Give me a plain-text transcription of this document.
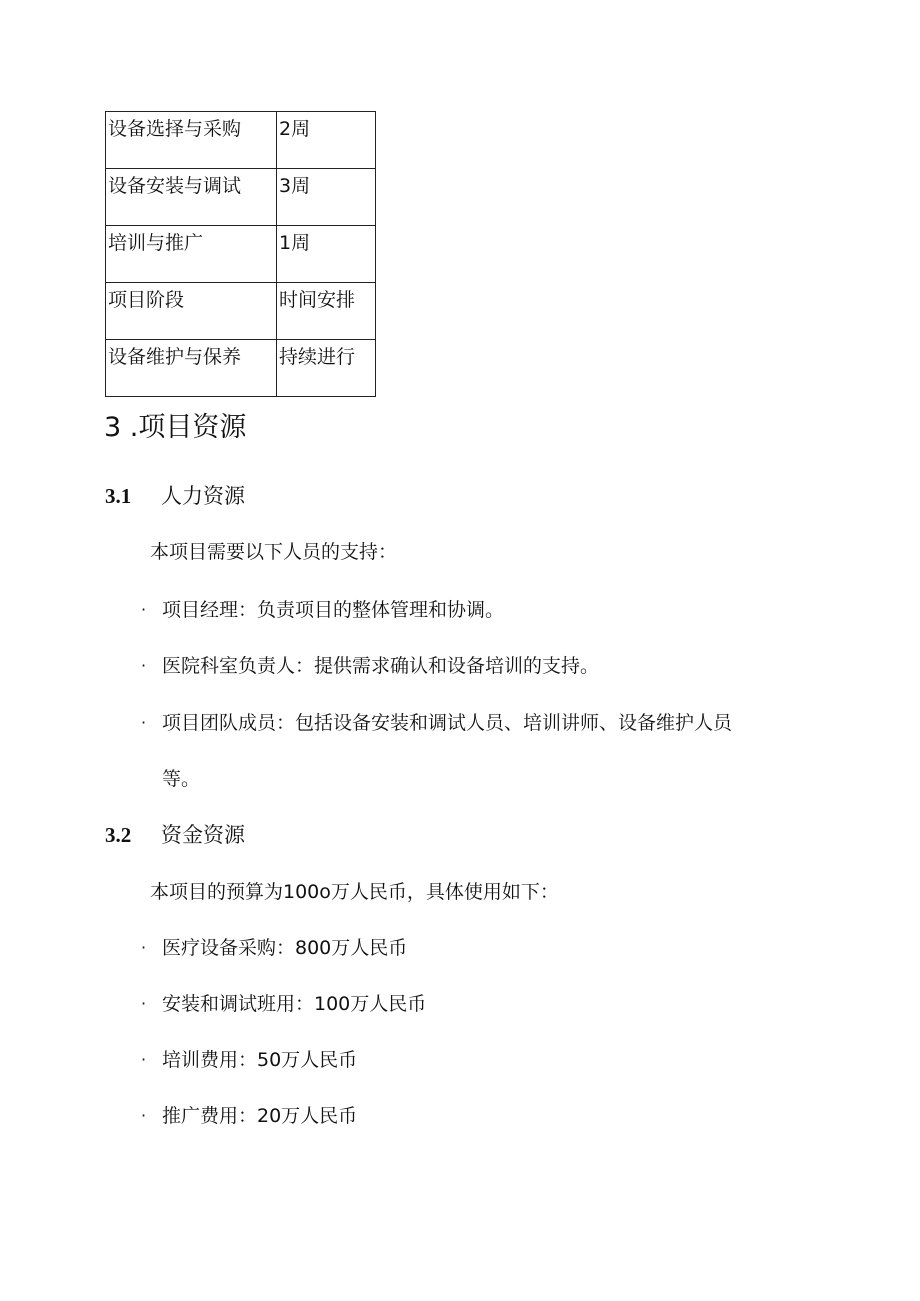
设备选择与采购	2周
设备安装与调试	3周
培训与推广	1周
项目阶段	时间安排
设备维护与保养	持续进行
3 .项目资源
3.1 人力资源
本项目需要以下人员的支持：
· 项目经理：负责项目的整体管理和协调。
· 医院科室负责人：提供需求确认和设备培训的支持。
· 项目团队成员：包括设备安装和调试人员、培训讲师、设备维护人员
等。
3.2 资金资源
本项目的预算为100o万人民币，具体使用如下：
· 医疗设备采购：800万人民币
· 安装和调试班用：100万人民币
· 培训费用：50万人民币
· 推广费用：20万人民币
